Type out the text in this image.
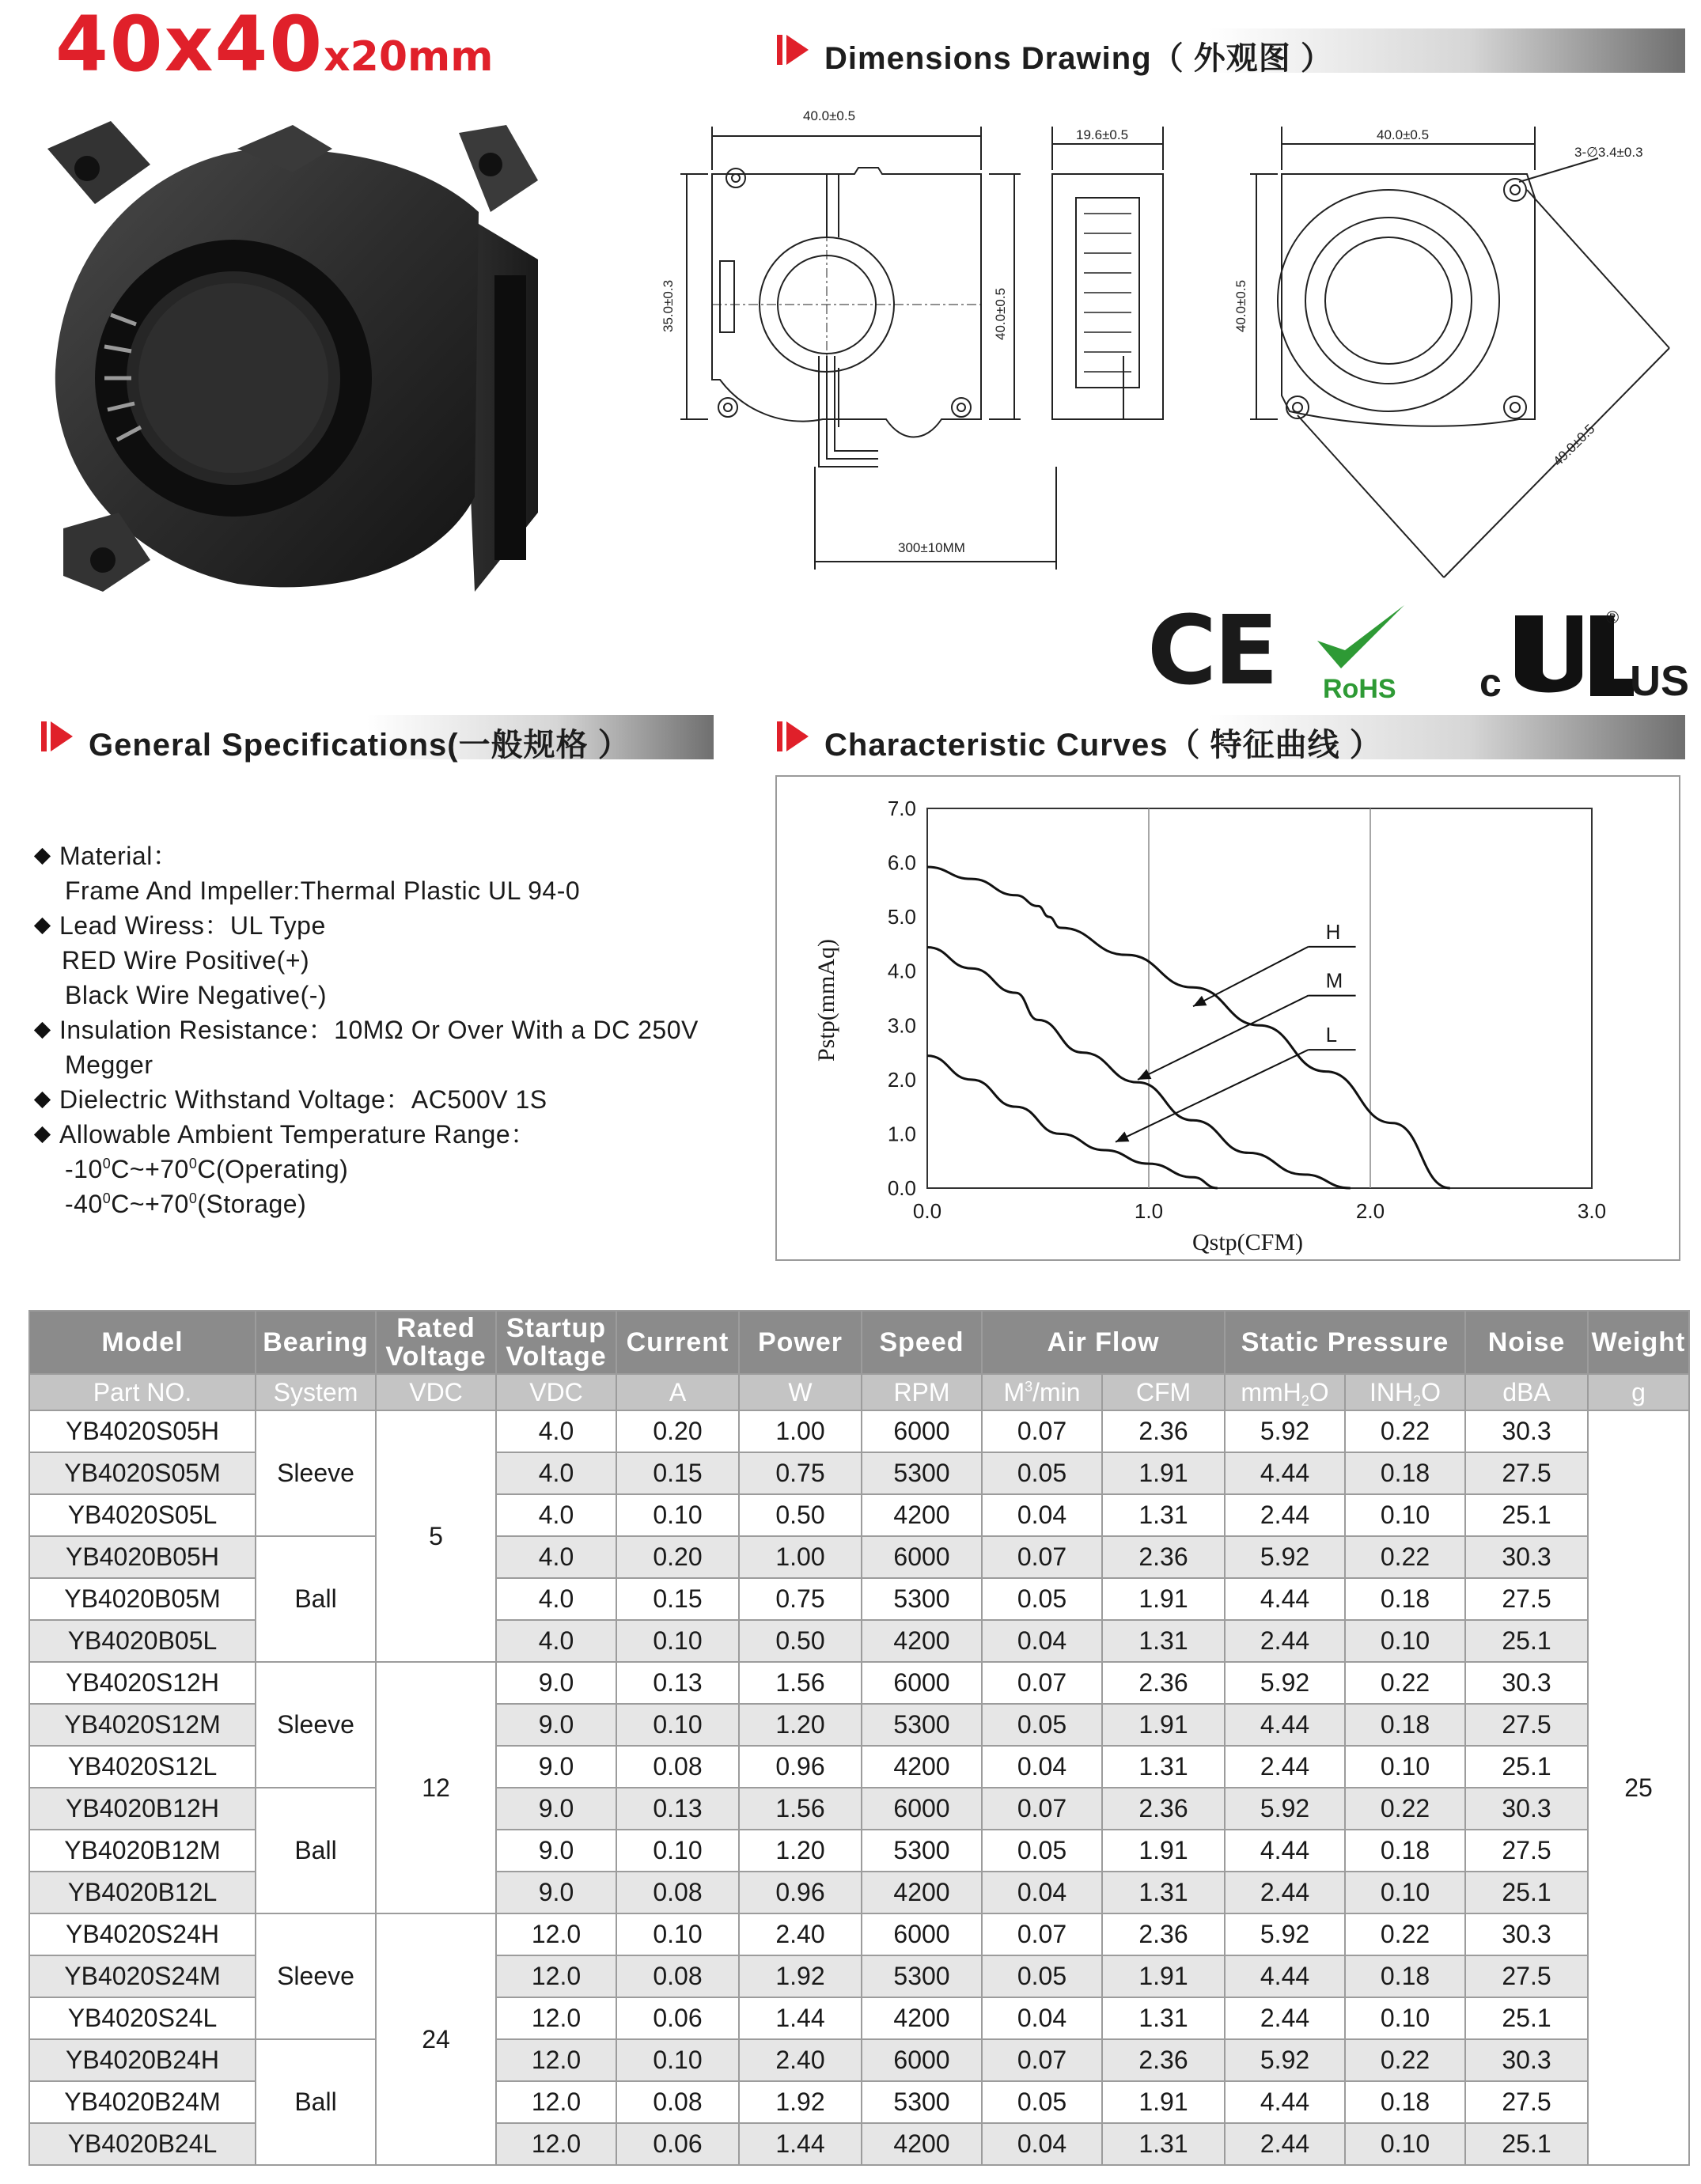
40x40x20mm	Dimensions Drawing（ 外观图 ）
40.0±0.5
35.0±0.3	40.0±0.5
300±10MM
19.6±0.5	40.0±0.5
40.0±0.5
3-∅3.4±0.3
49.0±0.5
CE RoHS c
®
US
General Specifications(一般规格 ）	Characteristic Curves（ 特征曲线 ）
Material：
Frame And Impeller:Thermal Plastic UL 94-0
Lead Wiress：UL Type
RED Wire Positive(+)
Black Wire Negative(-)
Insulation Resistance：10MΩ Or Over With a DC 250V
Megger
Dielectric Withstand Voltage：AC500V 1S
Allowable Ambient Temperature Range：
$-10^0C\sim+70^0C(Operating)$
$-40^0C\sim+70^0(Storage)$	0.0	1.0	2.0	3.0
0.0
1.0
2.0
3.0
4.0
5.0
6.0
7.0
H
M
L
Qstp(CFM)
Pstp(mmAq)
Model	Bearing	Rated Voltage	Startup Voltage	Current	Power	Speed	Air Flow		Static Pressure		Noise	Weight
Part NO.	System	VDC	VDC	A	W	RPM	$M^3/\min$	CFM	mmH$_2$O	$INH_2O$	dBA	g
YB4020S05H	Sleeve	5	4.0	0.20	1.00	6000	0.07	2.36	5.92	0.22	30.3	25
YB4020S05M			4.0	0.15	0.75	5300	0.05	1.91	4.44	0.18	27.5	
YB4020S05L			4.0	0.10	0.50	4200	0.04	1.31	2.44	0.10	25.1	
YB4020B05H	Ball		4.0	0.20	1.00	6000	0.07	2.36	5.92	0.22	30.3	
YB4020B05M			4.0	0.15	0.75	5300	0.05	1.91	4.44	0.18	27.5	
YB4020B05L			4.0	0.10	0.50	4200	0.04	1.31	2.44	0.10	25.1	
YB4020S12H	Sleeve	12	9.0	0.13	1.56	6000	0.07	2.36	5.92	0.22	30.3	
YB4020S12M			9.0	0.10	1.20	5300	0.05	1.91	4.44	0.18	27.5	
YB4020S12L			9.0	0.08	0.96	4200	0.04	1.31	2.44	0.10	25.1	
YB4020B12H	Ball		9.0	0.13	1.56	6000	0.07	2.36	5.92	0.22	30.3	
YB4020B12M			9.0	0.10	1.20	5300	0.05	1.91	4.44	0.18	27.5	
YB4020B12L			9.0	0.08	0.96	4200	0.04	1.31	2.44	0.10	25.1	
YB4020S24H	Sleeve	24	12.0	0.10	2.40	6000	0.07	2.36	5.92	0.22	30.3	
YB4020S24M			12.0	0.08	1.92	5300	0.05	1.91	4.44	0.18	27.5	
YB4020S24L			12.0	0.06	1.44	4200	0.04	1.31	2.44	0.10	25.1	
YB4020B24H	Ball		12.0	0.10	2.40	6000	0.07	2.36	5.92	0.22	30.3	
YB4020B24M			12.0	0.08	1.92	5300	0.05	1.91	4.44	0.18	27.5	
YB4020B24L			12.0	0.06	1.44	4200	0.04	1.31	2.44	0.10	25.1	
